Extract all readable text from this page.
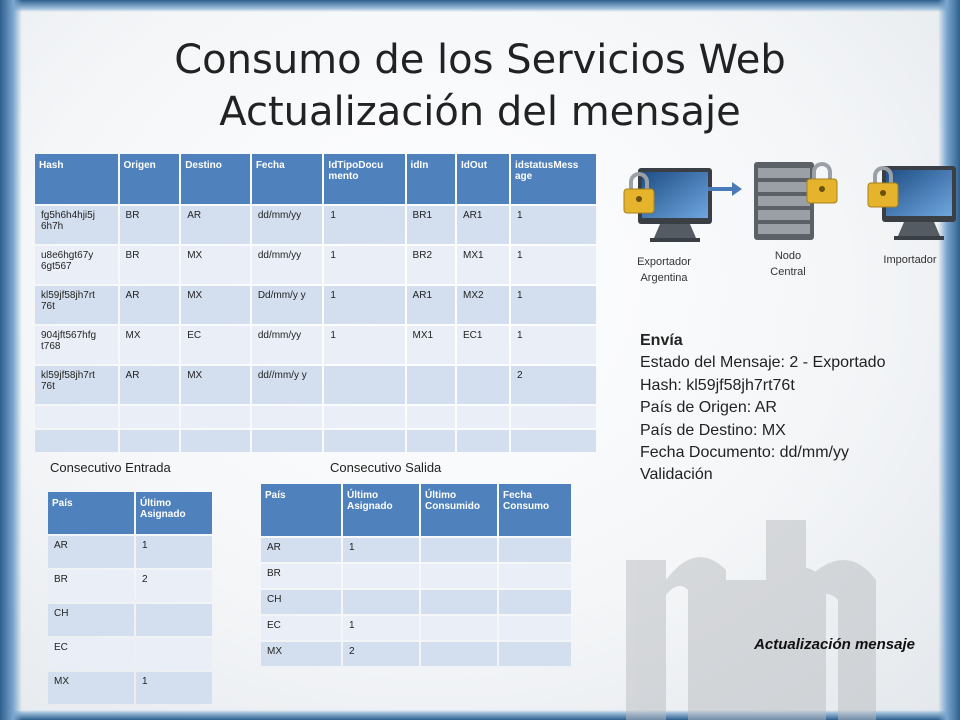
Consumo de los Servicios Web
Actualización del mensaje
Hash	Origen	Destino	Fecha	IdTipoDocu mento	idIn	IdOut	idstatusMess age
fg5h6h4hji5j 6h7h	BR	AR	dd/mm/yy	1	BR1	AR1	1
u8e6hgt67y 6gt567	BR	MX	dd/mm/yy	1	BR2	MX1	1
kl59jf58jh7rt 76t	AR	MX	Dd/mm/y y	1	AR1	MX2	1
904jft567hfg t768	MX	EC	dd/mm/yy	1	MX1	EC1	1
kl59jf58jh7rt 76t	AR	MX	dd//mm/y y				2

Exportador Argentina
Nodo Central
Importador
Envía
Estado del Mensaje: 2 - Exportado
Hash: kl59jf58jh7rt76t
País de Origen: AR
País de Destino: MX
Fecha Documento: dd/mm/yy
Validación
Consecutivo Entrada	Consecutivo Salida
País	Último Asignado
AR	1
BR	2
CH	
EC	
MX	1
País	Último Asignado	Último Consumido	Fecha Consumo
AR	1		
BR			
CH			
EC	1		
MX	2			Actualización mensaje
